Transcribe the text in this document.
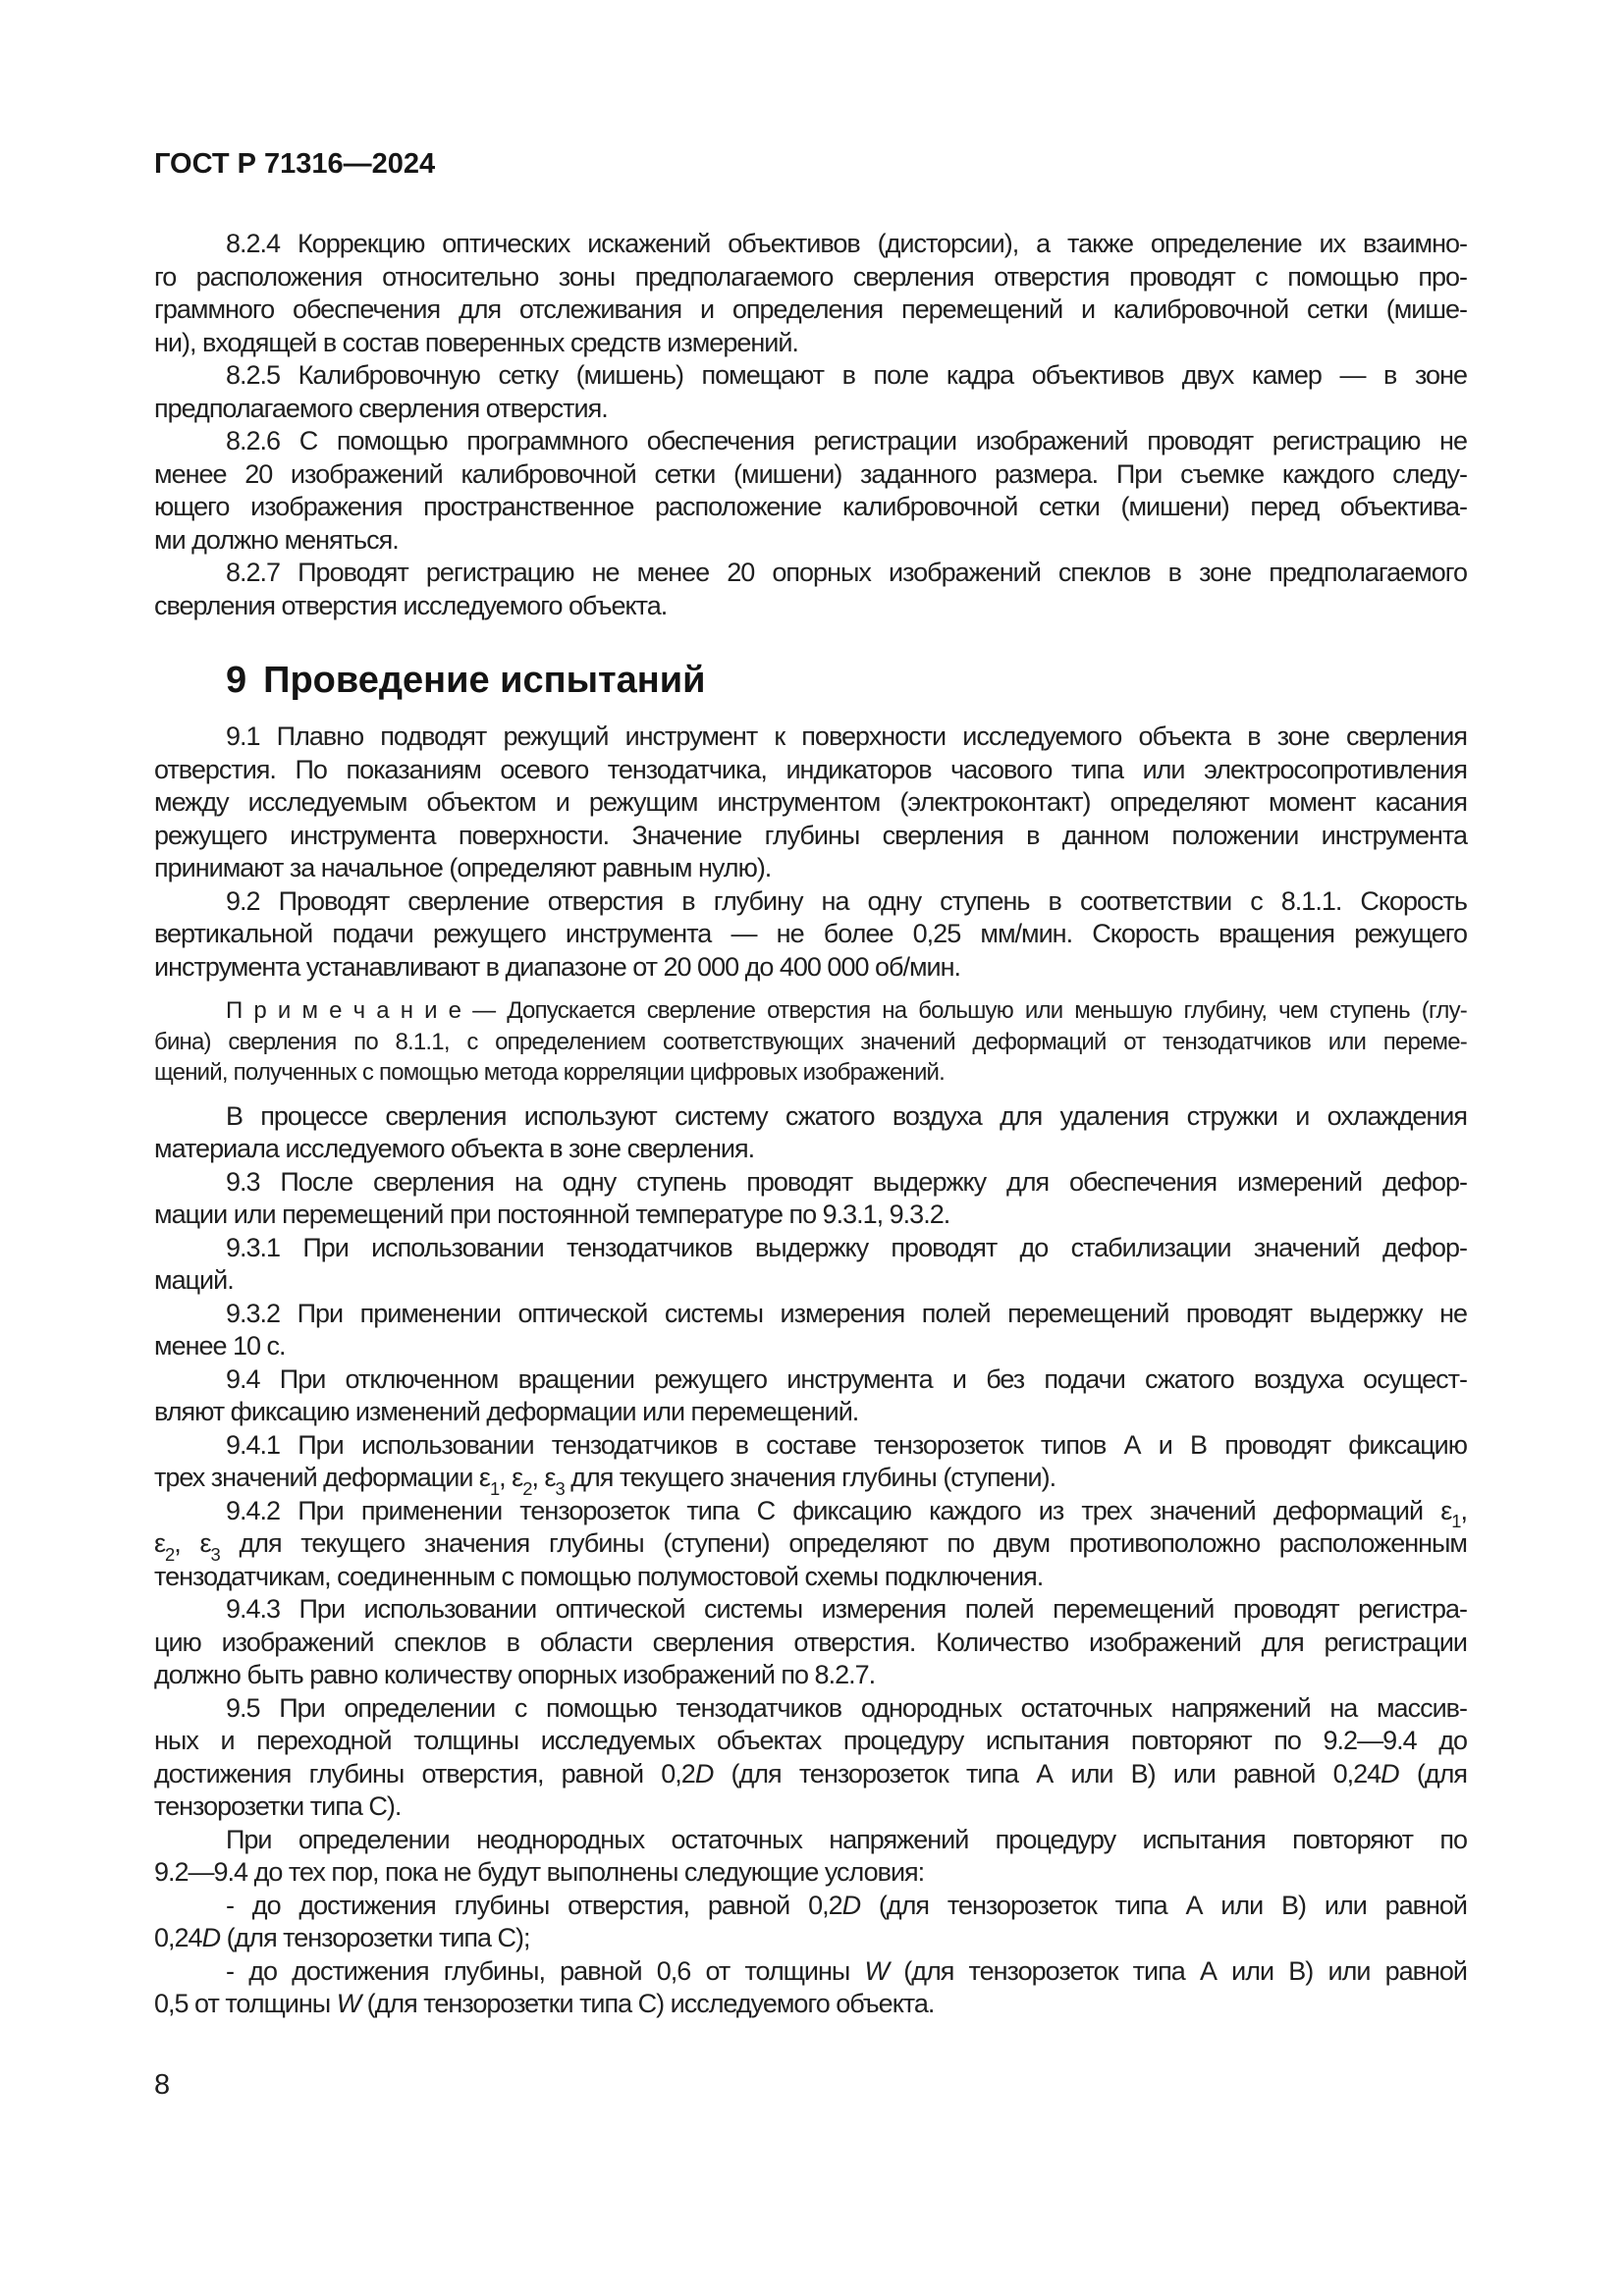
ГОСТ Р 71316—2024
8.2.4 Коррекцию оптических искажений объективов (дисторсии), а также определение их взаимно-
го расположения относительно зоны предполагаемого сверления отверстия проводят с помощью про-
граммного обеспечения для отслеживания и определения перемещений и калибровочной сетки (мише-
ни), входящей в состав поверенных средств измерений.
8.2.5 Калибровочную сетку (мишень) помещают в поле кадра объективов двух камер — в зоне
предполагаемого сверления отверстия.
8.2.6 С помощью программного обеспечения регистрации изображений проводят регистрацию не
менее 20 изображений калибровочной сетки (мишени) заданного размера. При съемке каждого следу-
ющего изображения пространственное расположение калибровочной сетки (мишени) перед объектива-
ми должно меняться.
8.2.7 Проводят регистрацию не менее 20 опорных изображений спеклов в зоне предполагаемого
сверления отверстия исследуемого объекта.
9 Проведение испытаний
9.1 Плавно подводят режущий инструмент к поверхности исследуемого объекта в зоне сверления
отверстия. По показаниям осевого тензодатчика, индикаторов часового типа или электросопротивления
между исследуемым объектом и режущим инструментом (электроконтакт) определяют момент касания
режущего инструмента поверхности. Значение глубины сверления в данном положении инструмента
принимают за начальное (определяют равным нулю).
9.2 Проводят сверление отверстия в глубину на одну ступень в соответствии с 8.1.1. Скорость
вертикальной подачи режущего инструмента — не более 0,25 мм/мин. Скорость вращения режущего
инструмента устанавливают в диапазоне от 20 000 до 400 000 об/мин.
П р и м е ч а н и е — Допускается сверление отверстия на большую или меньшую глубину, чем ступень (глу-
бина) сверления по 8.1.1, с определением соответствующих значений деформаций от тензодатчиков или переме-
щений, полученных с помощью метода корреляции цифровых изображений.
В процессе сверления используют систему сжатого воздуха для удаления стружки и охлаждения
материала исследуемого объекта в зоне сверления.
9.3 После сверления на одну ступень проводят выдержку для обеспечения измерений дефор-
мации или перемещений при постоянной температуре по 9.3.1, 9.3.2.
9.3.1 При использовании тензодатчиков выдержку проводят до стабилизации значений дефор-
маций.
9.3.2 При применении оптической системы измерения полей перемещений проводят выдержку не
менее 10 с.
9.4 При отключенном вращении режущего инструмента и без подачи сжатого воздуха осущест-
вляют фиксацию изменений деформации или перемещений.
9.4.1 При использовании тензодатчиков в составе тензорозеток типов А и В проводят фиксацию
трех значений деформации $\varepsilon_1$, $\varepsilon_2$, $\varepsilon_3$ для текущего значения глубины (ступени).
9.4.2 При применении тензорозеток типа С фиксацию каждого из трех значений деформаций $\varepsilon_1$,
$\varepsilon_2$, $\varepsilon_3$ для текущего значения глубины (ступени) определяют по двум противоположно расположенным
тензодатчикам, соединенным с помощью полумостовой схемы подключения.
9.4.3 При использовании оптической системы измерения полей перемещений проводят регистра-
цию изображений спеклов в области сверления отверстия. Количество изображений для регистрации
должно быть равно количеству опорных изображений по 8.2.7.
9.5 При определении с помощью тензодатчиков однородных остаточных напряжений на массив-
ных и переходной толщины исследуемых объектах процедуру испытания повторяют по 9.2—9.4 до
достижения глубины отверстия, равной 0,2D (для тензорозеток типа А или В) или равной 0,24D (для
тензорозетки типа С).
При определении неоднородных остаточных напряжений процедуру испытания повторяют по
9.2—9.4 до тех пор, пока не будут выполнены следующие условия:
- до достижения глубины отверстия, равной 0,2D (для тензорозеток типа А или В) или равной
0,24D (для тензорозетки типа С);
- до достижения глубины, равной 0,6 от толщины W (для тензорозеток типа А или В) или равной
0,5 от толщины W (для тензорозетки типа С) исследуемого объекта.
8
